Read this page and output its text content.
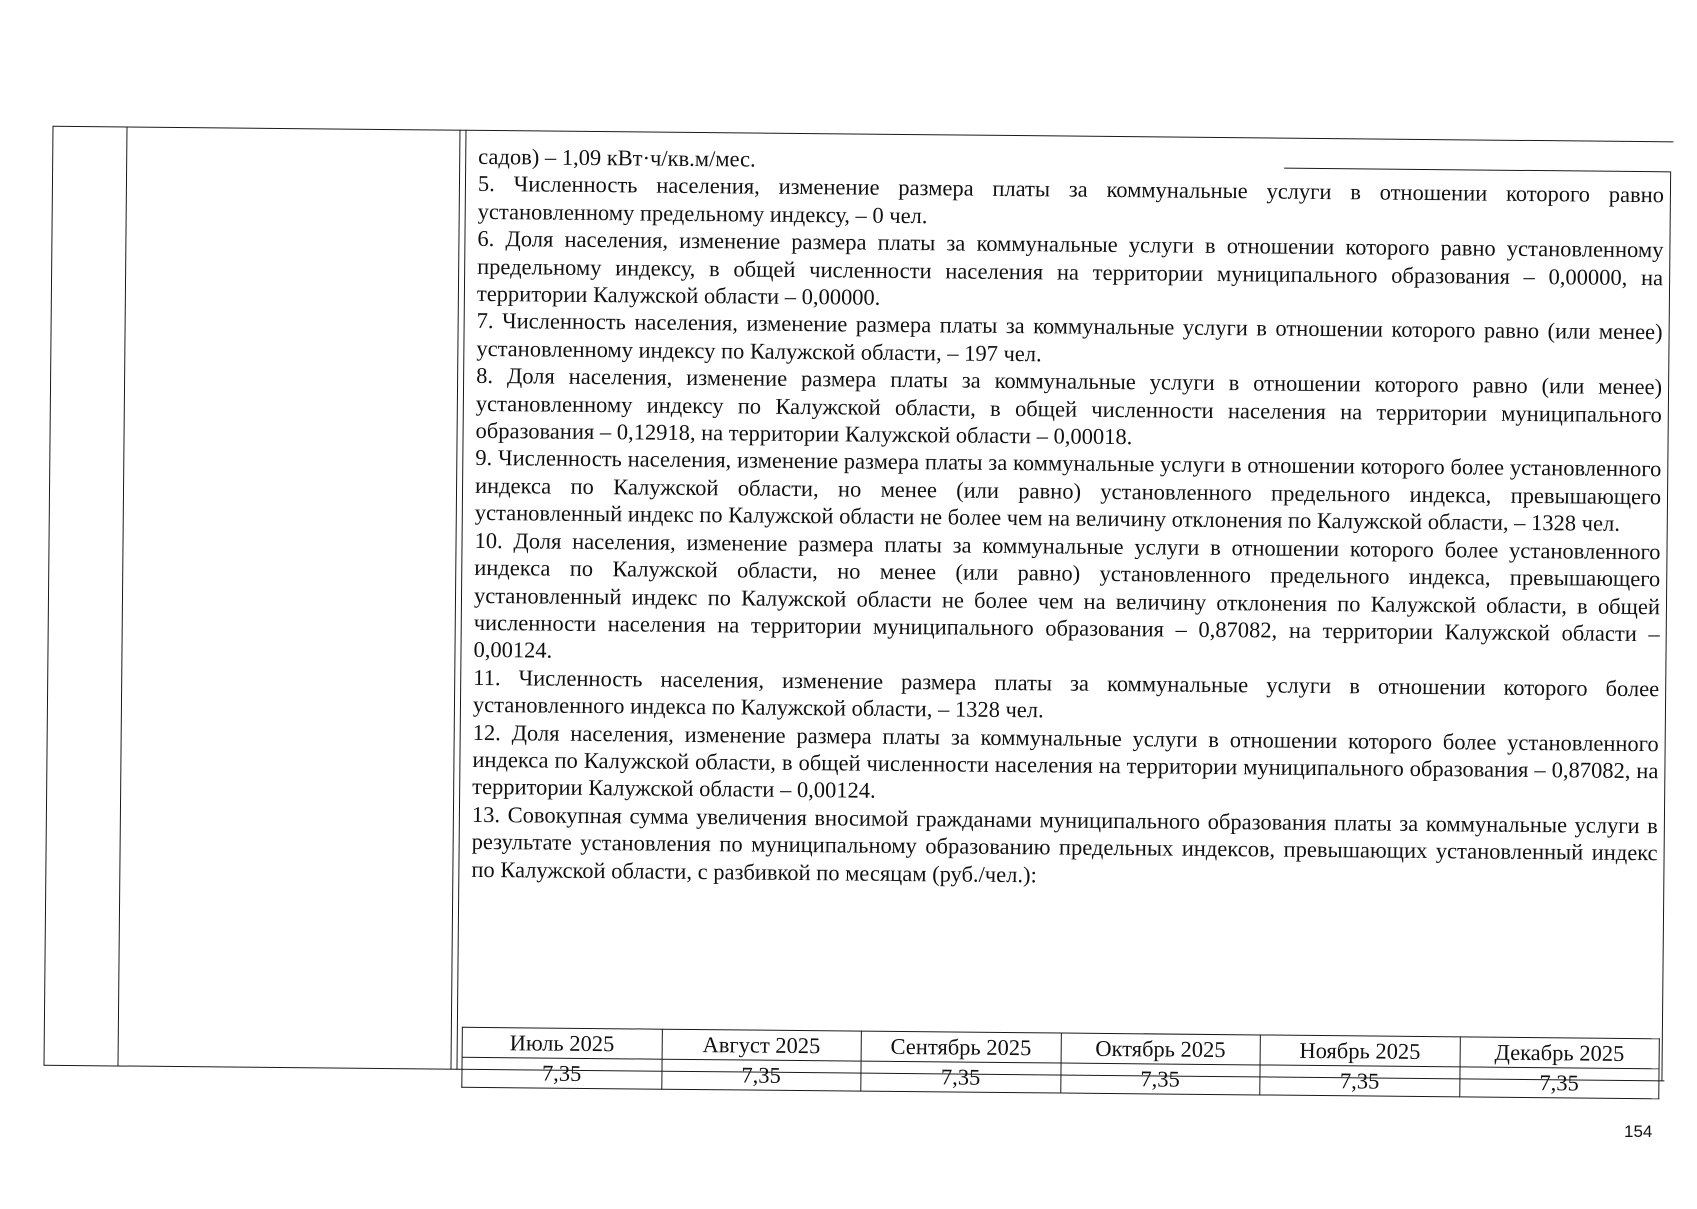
садов) – 1,09 кВт·ч/кв.м/мес.

5. Численность населения, изменение размера платы за коммунальные услуги в отношении которого равно установленному предельному индексу, – 0 чел.

6. Доля населения, изменение размера платы за коммунальные услуги в отношении которого равно установленному предельному индексу, в общей численности населения на территории муниципального образования – 0,00000, на территории Калужской области – 0,00000.

7. Численность населения, изменение размера платы за коммунальные услуги в отношении которого равно (или менее) установленному индексу по Калужской области, – 197 чел.

8. Доля населения, изменение размера платы за коммунальные услуги в отношении которого равно (или менее) установленному индексу по Калужской области, в общей численности населения на территории муниципального образования – 0,12918, на территории Калужской области – 0,00018.

9. Численность населения, изменение размера платы за коммунальные услуги в отношении которого более установленного индекса по Калужской области, но менее (или равно) установленного предельного индекса, превышающего установленный индекс по Калужской области не более чем на величину отклонения по Калужской области, – 1328 чел.

10. Доля населения, изменение размера платы за коммунальные услуги в отношении которого более установленного индекса по Калужской области, но менее (или равно) установленного предельного индекса, превышающего установленный индекс по Калужской области не более чем на величину отклонения по Калужской области, в общей численности населения на территории муниципального образования – 0,87082, на территории Калужской области – 0,00124.

11. Численность населения, изменение размера платы за коммунальные услуги в отношении которого более установленного индекса по Калужской области, – 1328 чел.

12. Доля населения, изменение размера платы за коммунальные услуги в отношении которого более установленного индекса по Калужской области, в общей численности населения на территории муниципального образования – 0,87082, на территории Калужской области – 0,00124.

13. Совокупная сумма увеличения вносимой гражданами муниципального образования платы за коммунальные услуги в результате установления по муниципальному образованию предельных индексов, превышающих установленный индекс по Калужской области, с разбивкой по месяцам (руб./чел.):

Июль 2025	Август 2025	Сентябрь 2025	Октябрь 2025	Ноябрь 2025	Декабрь 2025
7,35	7,35	7,35	7,35	7,35	7,35
154
